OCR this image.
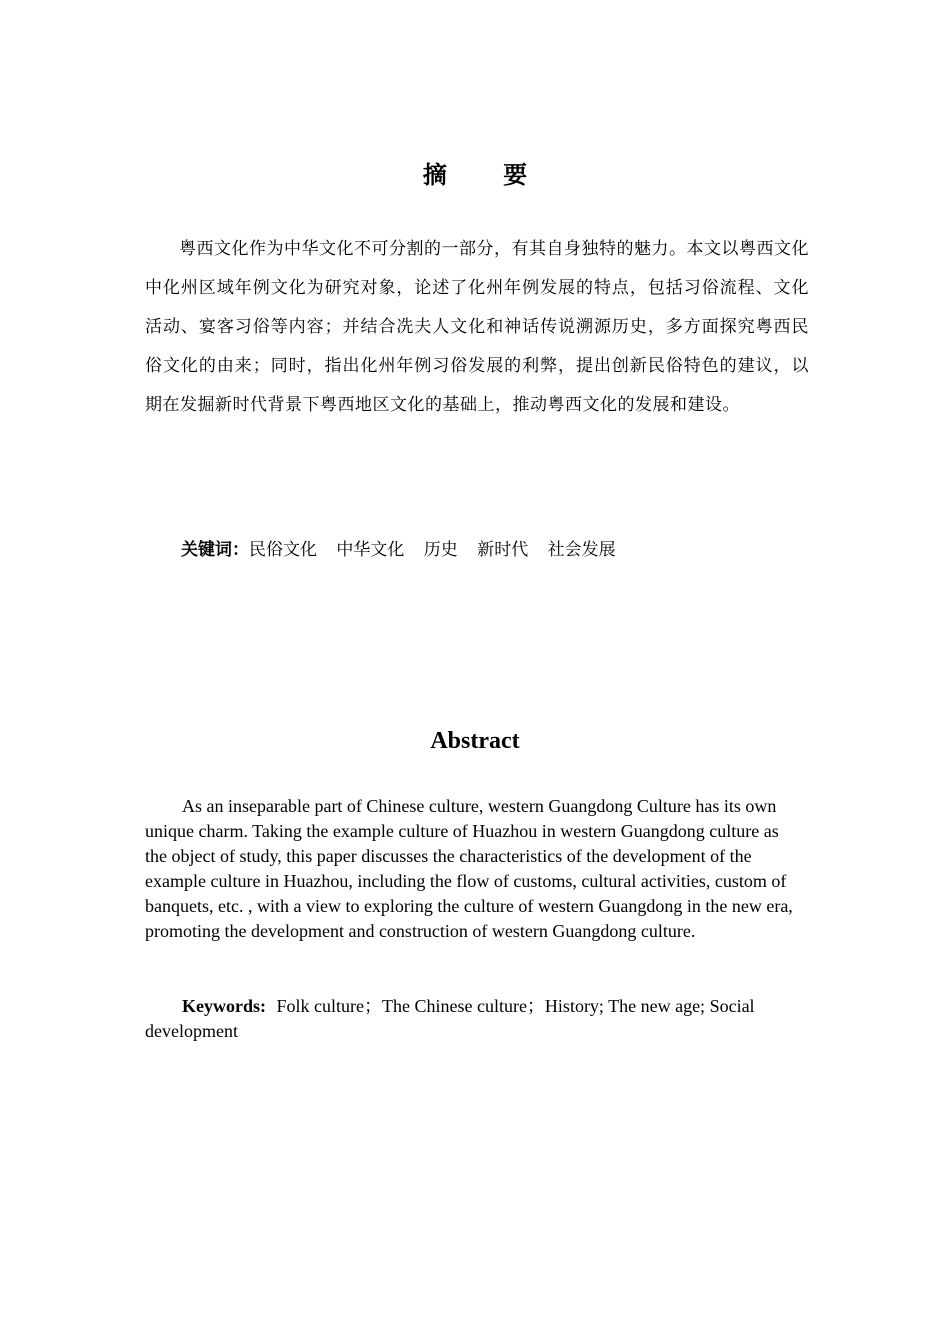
摘 要

粤西文化作为中华文化不可分割的一部分，有其自身独特的魅力。本文以粤西文化中化州区域年例文化为研究对象，论述了化州年例发展的特点，包括习俗流程、文化活动、宴客习俗等内容；并结合冼夫人文化和神话传说溯源历史，多方面探究粤西民俗文化的由来；同时，指出化州年例习俗发展的利弊，提出创新民俗特色的建议，以期在发掘新时代背景下粤西地区文化的基础上，推动粤西文化的发展和建设。

关键词：民俗文化 中华文化 历史 新时代 社会发展

Abstract

As an inseparable part of Chinese culture, western Guangdong Culture has its own unique charm. Taking the example culture of Huazhou in western Guangdong culture as the object of study, this paper discusses the characteristics of the development of the example culture in Huazhou, including the flow of customs, cultural activities, custom of banquets, etc. , with a view to exploring the culture of western Guangdong in the new era, promoting the development and construction of western Guangdong culture.

Keywords: Folk culture；The Chinese culture；History; The new age; Social development
